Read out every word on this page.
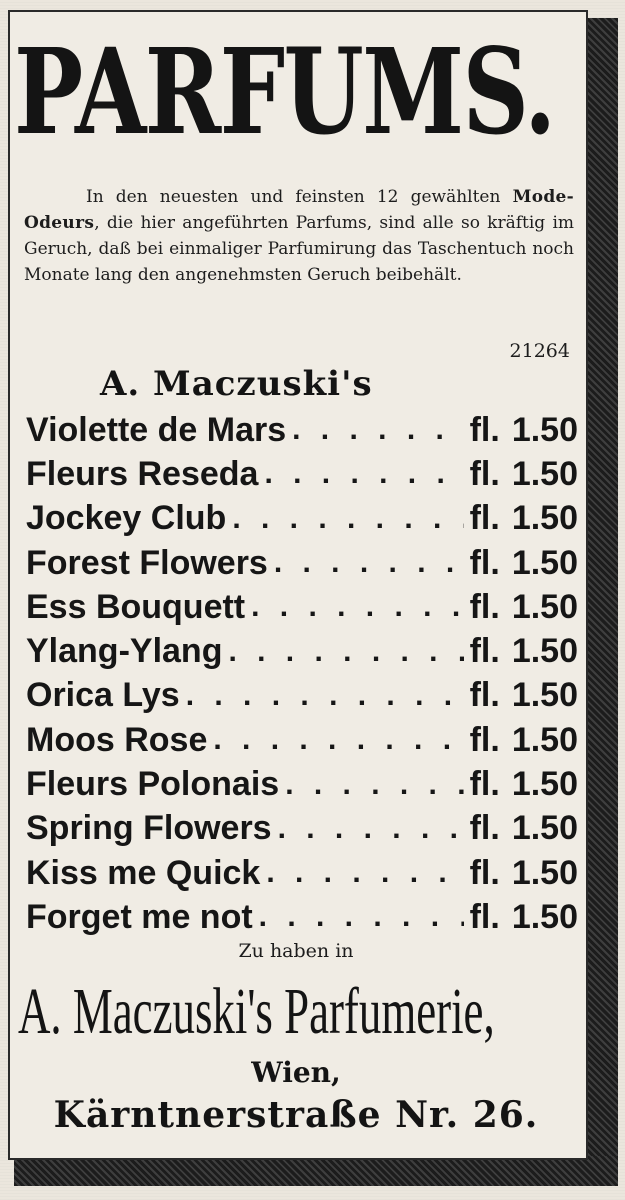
PARFUMS.

In den neuesten und feinsten 12 gewählten Mode-Odeurs, die hier angeführten Parfums, sind alle so kräftig im Geruch, daß bei einmaliger Parfumirung das Taschentuch noch Monate lang den angenehmsten Geruch beibehält.

21264
A. Maczuski's
Violette de Mars . . .	fl. 1.50
Fleurs Reseda . . .	fl. 1.50
Jockey Club . . .	fl. 1.50
Forest Flowers . . .	fl. 1.50
Ess Bouquett . . .	fl. 1.50
Ylang-Ylang . . .	fl. 1.50
Orica Lys . . .	fl. 1.50
Moos Rose . . .	fl. 1.50
Fleurs Polonais . . .	fl. 1.50
Spring Flowers . . .	fl. 1.50
Kiss me Quick . . .	fl. 1.50
Forget me not . . .	fl. 1.50
Zu haben in
A. Maczuski's Parfumerie,
Wien,
Kärntnerstraße Nr. 26.
